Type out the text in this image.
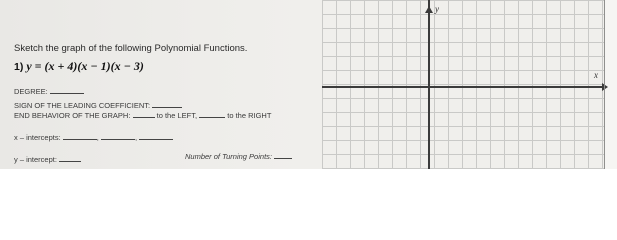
y
x
Sketch the graph of the following Polynomial Functions.
1) y = (x + 4)(x − 1)(x − 3)
DEGREE:
SIGN OF THE LEADING COEFFICIENT:
END BEHAVIOR OF THE GRAPH:	to the LEFT,	to the RIGHT
x – intercepts:	,	,
y – intercept:	Number of Turning Points:
